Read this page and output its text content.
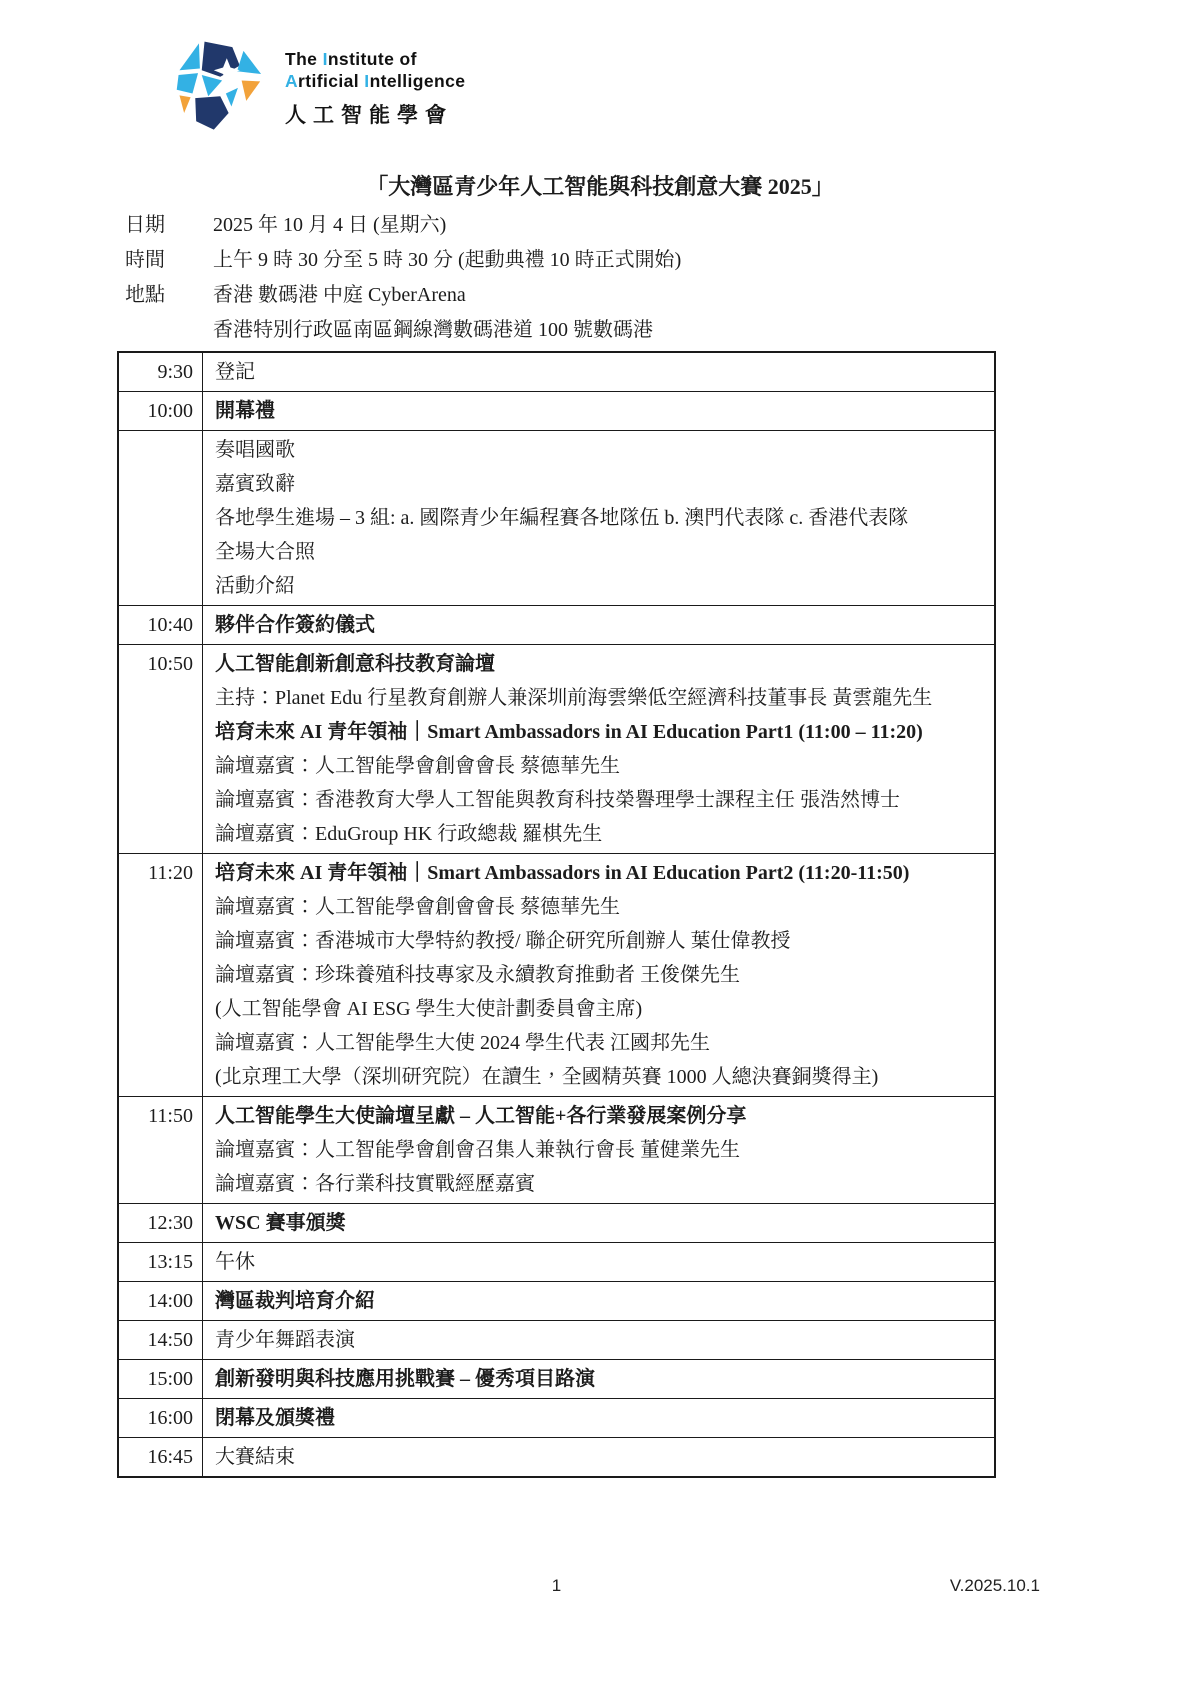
The Institute of
Artificial Intelligence
人工智能學會
「大灣區青少年人工智能與科技創意大賽 2025」
日期	2025 年 10 月 4 日 (星期六)
時間	上午 9 時 30 分至 5 時 30 分 (起動典禮 10 時正式開始)
地點	香港 數碼港 中庭 CyberArena
香港特別行政區南區鋼線灣數碼港道 100 號數碼港
9:30	登記
10:00	開幕禮
奏唱國歌
嘉賓致辭
各地學生進場 – 3 組: a. 國際青少年編程賽各地隊伍 b. 澳門代表隊 c. 香港代表隊
全場大合照
活動介紹
10:40	夥伴合作簽約儀式
10:50	人工智能創新創意科技教育論壇
主持：Planet Edu 行星教育創辦人兼深圳前海雲樂低空經濟科技董事長 黃雲龍先生
培育未來 AI 青年領袖｜Smart Ambassadors in AI Education Part1 (11:00 – 11:20)
論壇嘉賓：人工智能學會創會會長 蔡德華先生
論壇嘉賓：香港教育大學人工智能與教育科技榮譽理學士課程主任 張浩然博士
論壇嘉賓：EduGroup HK 行政總裁 羅棋先生
11:20	培育未來 AI 青年領袖｜Smart Ambassadors in AI Education Part2 (11:20-11:50)
論壇嘉賓：人工智能學會創會會長 蔡德華先生
論壇嘉賓：香港城市大學特約教授/ 聯企研究所創辦人 葉仕偉教授
論壇嘉賓：珍珠養殖科技專家及永續教育推動者 王俊傑先生
(人工智能學會 AI ESG 學生大使計劃委員會主席)
論壇嘉賓：人工智能學生大使 2024 學生代表 江國邦先生
(北京理工大學（深圳研究院）在讀生，全國精英賽 1000 人總決賽銅獎得主)
11:50	人工智能學生大使論壇呈獻 – 人工智能+各行業發展案例分享
論壇嘉賓：人工智能學會創會召集人兼執行會長 董健業先生
論壇嘉賓：各行業科技實戰經歷嘉賓
12:30	WSC 賽事頒獎
13:15	午休
14:00	灣區裁判培育介紹
14:50	青少年舞蹈表演
15:00	創新發明與科技應用挑戰賽 – 優秀項目路演
16:00	閉幕及頒獎禮
16:45	大賽結束
1	V.2025.10.1
